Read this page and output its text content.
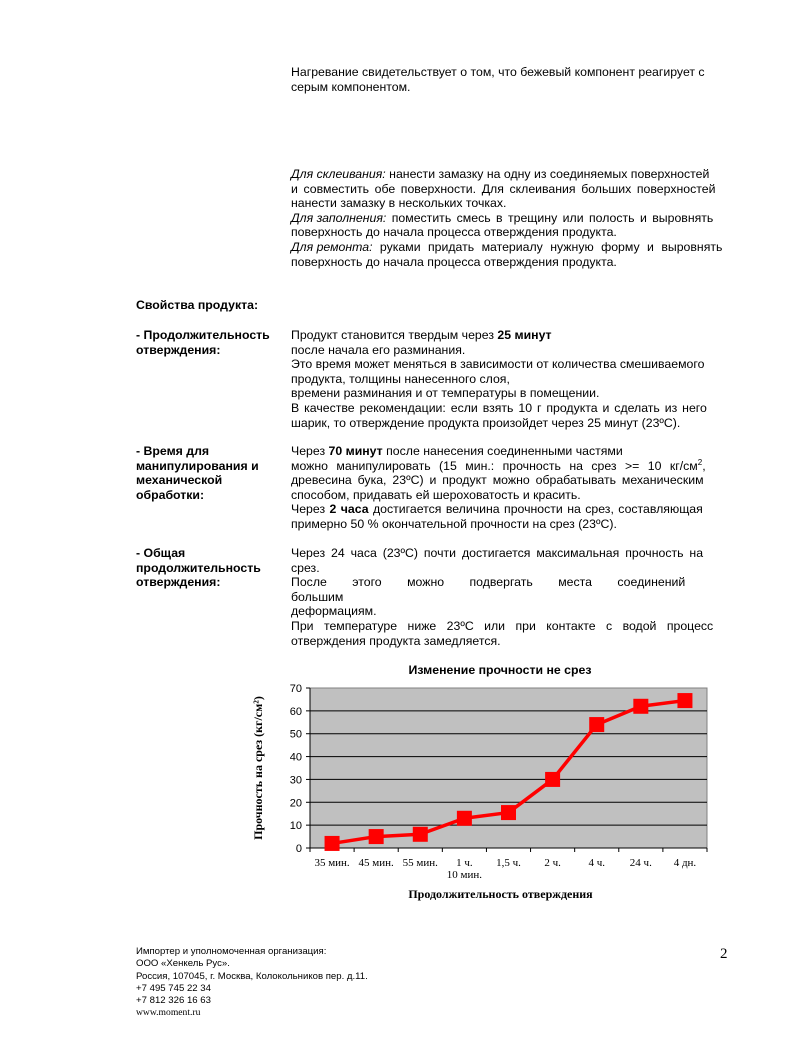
Нагревание свидетельствует о том, что бежевый компонент реагирует с
серым компонентом.
Для склеивания: нанести замазку на одну из соединяемых поверхностей
и совместить обе поверхности. Для склеивания больших поверхностей
нанести замазку в нескольких точках.
Для заполнения: поместить смесь в трещину или полость и выровнять
поверхность до начала процесса отверждения продукта.
Для ремонта: руками придать материалу нужную форму и выровнять
поверхность до начала процесса отверждения продукта.
Свойства продукта:
- Продолжительность
отверждения:
Продукт становится твердым через 25 минут
после начала его разминания.
Это время может меняться в зависимости от количества смешиваемого
продукта, толщины нанесенного слоя,
времени разминания и от температуры в помещении.
В качестве рекомендации: если взять 10 г продукта и сделать из него
шарик, то отверждение продукта произойдет через 25 минут (23ºC).
- Время для
манипулирования и
механической
обработки:
Через 70 минут после нанесения соединенными частями
можно манипулировать (15 мин.: прочность на срез >= 10 $кг/см^2$,
древесина бука, 23ºC) и продукт можно обрабатывать механическим
способом, придавать ей шероховатость и красить.
Через 2 часа достигается величина прочности на срез, составляющая
примерно 50 % окончательной прочности на срез (23ºC).
- Общая
продолжительность
отверждения:
Через 24 часа (23ºC) почти достигается максимальная прочность на
срез.
После этого можно подвергать места соединений большим
деформациям.
При температуре ниже 23ºC или при контакте с водой процесс
отверждения продукта замедляется.
Изменение прочности не срез
0
10
20
30
40
50
60
70
35 мин. 45 мин. 55 мин. 1 ч.
10 мин.
1,5 ч. 2 ч.	4 ч. 24 ч. 4 дн.
Продолжительность отверждения
Прочность на срез (кг/см²)
Импортер и уполномоченная организация:
ООО «Хенкель Рус».
Россия, 107045, г. Москва, Колокольников пер. д.11.
+7 495 745 22 34
+7 812 326 16 63
www.moment.ru
2
